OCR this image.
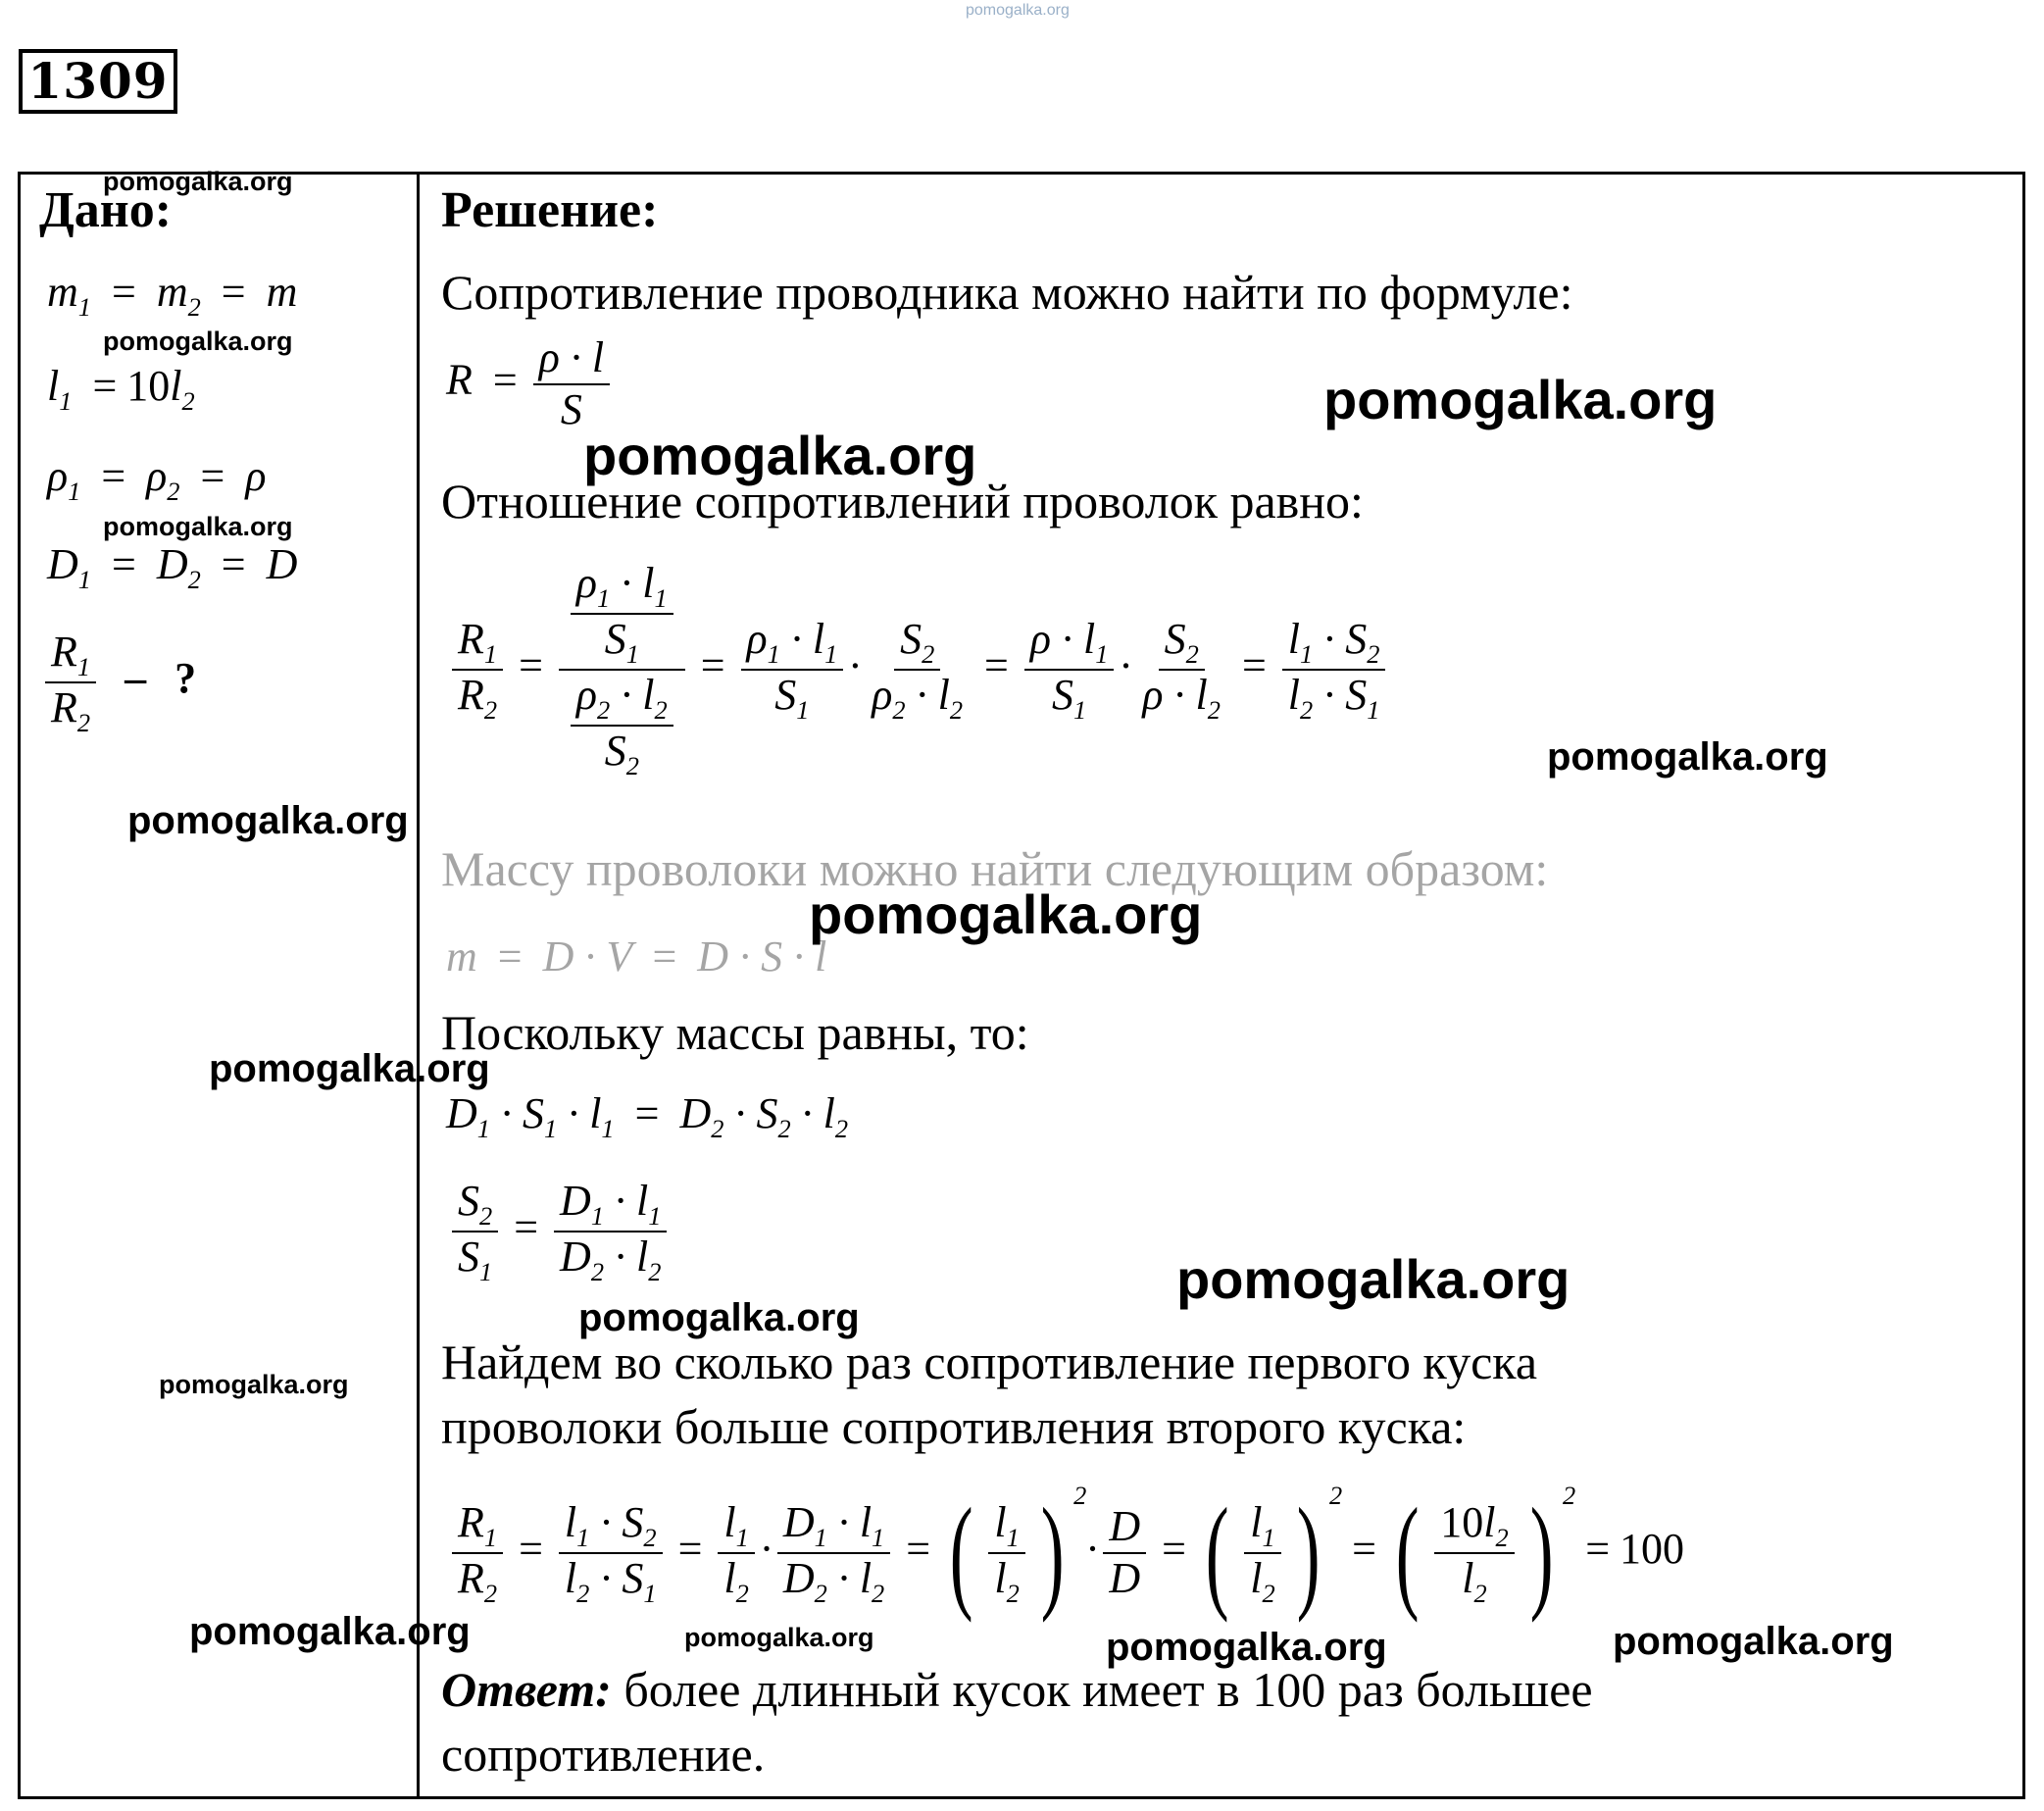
pomogalka.org
1309
pomogalka.org
Дано:
$m_1 = m_2 = m$
pomogalka.org
$l_1 = 10l_2$
$\rho_1 = \rho_2 = \rho$
pomogalka.org
$D_1 = D_2 = D$
$\frac{R_1}{R_2}$ – ?
pomogalka.org
pomogalka.org
pomogalka.org
pomogalka.org
Решение:
Сопротивление проводника можно найти по формуле:
$R = \frac{\rho \cdot l}{S}$	pomogalka.org
pomogalka.org
Отношение сопротивлений проволок равно:
$\frac{R_1}{R_2} = \frac{\frac{\rho_1 \cdot l_1}{S_1}}{\frac{\rho_2 \cdot l_2}{S_2}} = \frac{\rho_1 \cdot l_1}{S_1} \cdot \frac{S_2}{\rho_2 \cdot l_2} = \frac{\rho \cdot l_1}{S_1} \cdot \frac{S_2}{\rho \cdot l_2} = \frac{l_1 \cdot S_2}{l_2 \cdot S_1}$
pomogalka.org
Массу проволоки можно найти следующим образом:
pomogalka.org
m = D · V = D · S · l
Поскольку массы равны, то:
$D_1 \cdot S_1 \cdot l_1 = D_2 \cdot S_2 \cdot l_2$
$\frac{S_2}{S_1} = \frac{D_1 \cdot l_1}{D_2 \cdot l_2}$	pomogalka.org
pomogalka.org
Найдем во сколько раз сопротивление первого куска
проволоки больше сопротивления второго куска:
$\frac{R_1}{R_2} = \frac{l_1 \cdot S_2}{l_2 \cdot S_1} = \frac{l_1}{l_2} \cdot \frac{D_1 \cdot l_1}{D_2 \cdot l_2}$ = ( $\frac{l_1}{l_2}$ ) $^2\cdot \frac{D}{D}$ = ( $\frac{l_1}{l_2}$ ) $^2$= ( $\frac{10l_2}{l_2}$ ) $^2$= 100
pomogalka.org	pomogalka.org	pomogalka.org
Ответ: более длинный кусок имеет в 100 раз большее
сопротивление.
